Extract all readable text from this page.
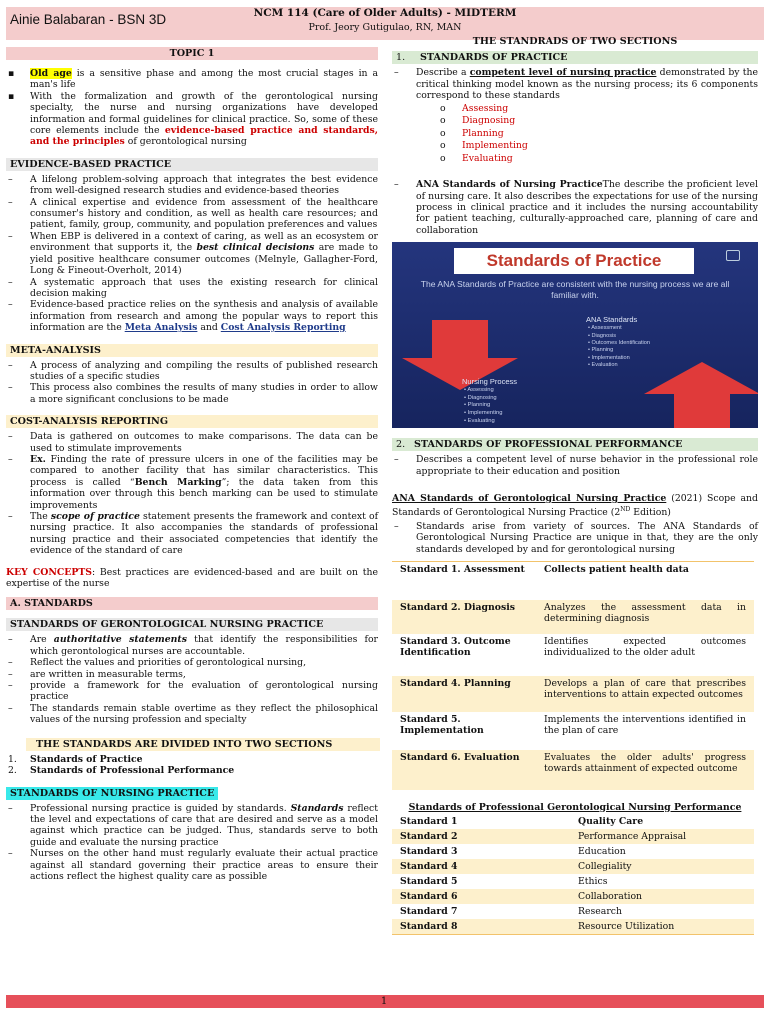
Ainie Balabaran - BSN 3D	NCM 114 (Care of Older Adults) - MIDTERM
Prof. Jeory Gutigulao, RN, MAN
TOPIC 1
▪ Old age is a sensitive phase and among the most crucial stages in a man's life
▪ With the formalization and growth of the gerontological nursing specialty, the nurse and nursing organizations have developed information and formal guidelines for clinical practice. So, some of these core elements include the evidence-based practice and standards, and the principles of gerontological nursing
EVIDENCE-BASED PRACTICE
– A lifelong problem-solving approach that integrates the best evidence from well-designed research studies and evidence-based theories
– A clinical expertise and evidence from assessment of the healthcare consumer's history and condition, as well as health care resources; and patient, family, group, community, and population preferences and values
– When EBP is delivered in a context of caring, as well as an ecosystem or environment that supports it, the best clinical decisions are made to yield positive healthcare consumer outcomes (Melnyle, Gallagher-Ford, Long & Fineout-Overholt, 2014)
– A systematic approach that uses the existing research for clinical decision making
– Evidence-based practice relies on the synthesis and analysis of available information from research and among the popular ways to report this information are the Meta Analysis and Cost Analysis Reporting
META-ANALYSIS
– A process of analyzing and compiling the results of published research studies of a specific studies
– This process also combines the results of many studies in order to allow a more significant conclusions to be made
COST-ANALYSIS REPORTING
– Data is gathered on outcomes to make comparisons. The data can be used to stimulate improvements
– Ex. Finding the rate of pressure ulcers in one of the facilities may be compared to another facility that has similar characteristics. This process is called “Bench Marking”; the data taken from this information over through this bench marking can be used to stimulate improvements
– The scope of practice statement presents the framework and context of nursing practice. It also accompanies the standards of professional nursing practice and their associated competencies that identify the evidence of the standard of care

KEY CONCEPTS: Best practices are evidenced-based and are built on the expertise of the nurse

A. STANDARDS
STANDARDS OF GERONTOLOGICAL NURSING PRACTICE
– Are authoritative statements that identify the responsibilities for which gerontological nurses are accountable.
– Reflect the values and priorities of gerontological nursing,
– are written in measurable terms,
– provide a framework for the evaluation of gerontological nursing practice
– The standards remain stable overtime as they reflect the philosophical values of the nursing profession and specialty
THE STANDARDS ARE DIVIDED INTO TWO SECTIONS
1. Standards of Practice
2. Standards of Professional Performance
STANDARDS OF NURSING PRACTICE
– Professional nursing practice is guided by standards. Standards reflect the level and expectations of care that are desired and serve as a model against which practice can be judged. Thus, standards serve to both guide and evaluate the nursing practice
– Nurses on the other hand must regularly evaluate their actual practice against all standard governing their practice areas to ensure their actions reflect the highest quality care as possible
THE STANDRADS OF TWO SECTIONS
1. STANDARDS OF PRACTICE
– Describe a competent level of nursing practice demonstrated by the critical thinking model known as the nursing process; its 6 components correspond to these standards
o Assessing
o Diagnosing
o Planning
o Implementing
o Evaluating
– ANA Standards of Nursing PracticeThe describe the proficient level of nursing care. It also describes the expectations for use of the nursing process in clinical practice and it includes the nursing accountability for patient teaching, culturally-approached care, planning of care and collaboration
Standards of Practice
The ANA Standards of Practice are consistent with the nursing process we are all familiar with.
ANA Standards
• Assessment
• Diagnosis
• Outcomes Identification
• Planning
• Implementation
• Evaluation
Nursing Process
• Assessing
• Diagnosing
• Planning
• Implementing
• Evaluating
2. STANDARDS OF PROFESSIONAL PERFORMANCE
– Describes a competent level of nurse behavior in the professional role appropriate to their education and position

ANA Standards of Gerontological Nursing Practice (2021) Scope and Standards of Gerontological Nursing Practice (2ND Edition)

– Standards arise from variety of sources. The ANA Standards of Gerontological Nursing Practice are unique in that, they are the only standards developed by and for gerontological nursing
Standard 1. Assessment	Collects patient health data
Standard 2. Diagnosis	Analyzes the assessment data in determining diagnosis
Standard 3. Outcome Identification	Identifies expected outcomes individualized to the older adult
Standard 4. Planning	Develops a plan of care that prescribes interventions to attain expected outcomes
Standard 5. Implementation	Implements the interventions identified in the plan of care
Standard 6. Evaluation	Evaluates the older adults' progress towards attainment of expected outcome
Standards of Professional Gerontological Nursing Performance
Standard 1	Quality Care
Standard 2	Performance Appraisal
Standard 3	Education
Standard 4	Collegiality
Standard 5	Ethics
Standard 6	Collaboration
Standard 7	Research
Standard 8	Resource Utilization
1
